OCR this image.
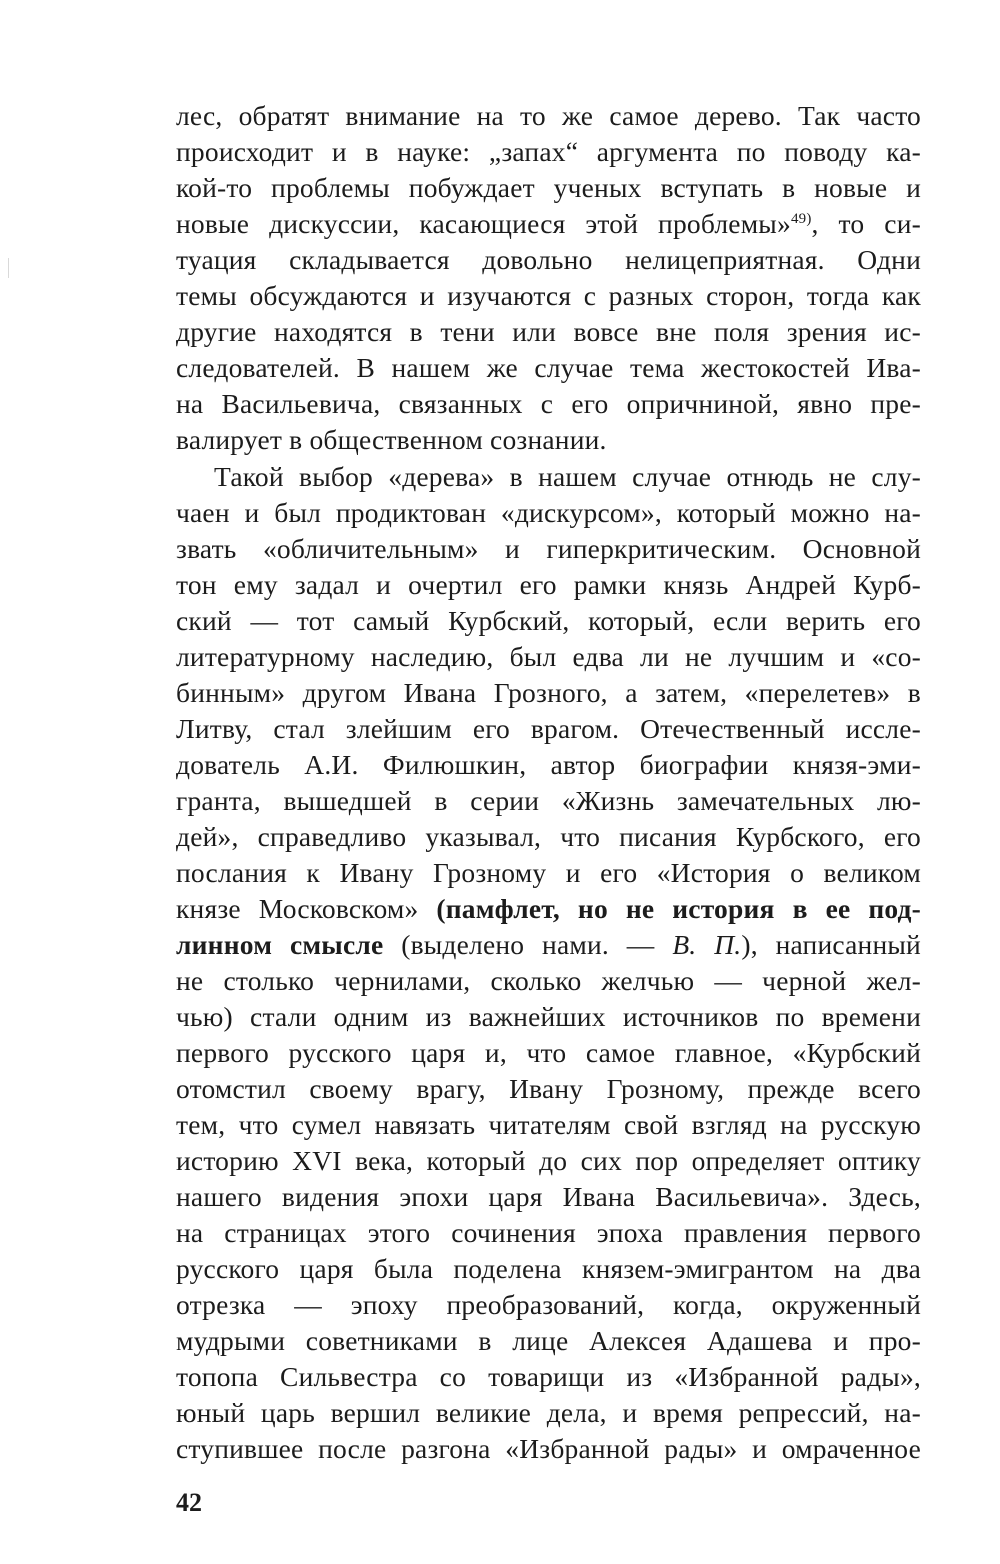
лес, обратят внимание на то же самое дерево. Так часто
происходит и в науке: „запах“ аргумента по поводу ка-
кой-то проблемы побуждает ученых вступать в новые и
новые дискуссии, касающиеся этой проблемы»$^{49)}$, то си-
туация складывается довольно нелицеприятная. Одни
темы обсуждаются и изучаются с разных сторон, тогда как
другие находятся в тени или вовсе вне поля зрения ис-
следователей. В нашем же случае тема жестокостей Ива-
на Васильевича, связанных с его опричниной, явно пре-
валирует в общественном сознании.
Такой выбор «дерева» в нашем случае отнюдь не слу-
чаен и был продиктован «дискурсом», который можно на-
звать «обличительным» и гиперкритическим. Основной
тон ему задал и очертил его рамки князь Андрей Курб-
ский — тот самый Курбский, который, если верить его
литературному наследию, был едва ли не лучшим и «со-
бинным» другом Ивана Грозного, а затем, «перелетев» в
Литву, стал злейшим его врагом. Отечественный иссле-
дователь А.И. Филюшкин, автор биографии князя-эми-
гранта, вышедшей в серии «Жизнь замечательных лю-
дей», справедливо указывал, что писания Курбского, его
послания к Ивану Грозному и его «История о великом
князе Московском» (памфлет, но не история в ее под-
линном смысле (выделено нами. — В. П.), написанный
не столько чернилами, сколько желчью — черной жел-
чью) стали одним из важнейших источников по времени
первого русского царя и, что самое главное, «Курбский
отомстил своему врагу, Ивану Грозному, прежде всего
тем, что сумел навязать читателям свой взгляд на русскую
историю XVI века, который до сих пор определяет оптику
нашего видения эпохи царя Ивана Васильевича». Здесь,
на страницах этого сочинения эпоха правления первого
русского царя была поделена князем-эмигрантом на два
отрезка — эпоху преобразований, когда, окруженный
мудрыми советниками в лице Алексея Адашева и про-
топопа Сильвестра со товарищи из «Избранной рады»,
юный царь вершил великие дела, и время репрессий, на-
ступившее после разгона «Избранной рады» и омраченное
42
